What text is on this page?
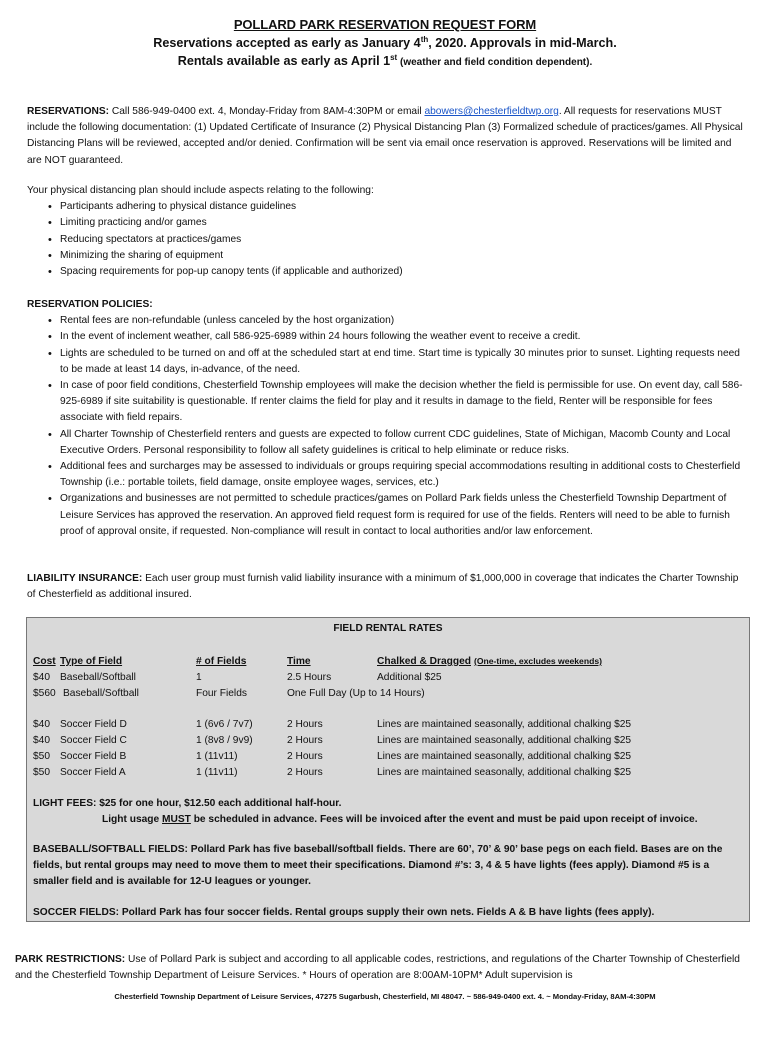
POLLARD PARK RESERVATION REQUEST FORM
Reservations accepted as early as January 4th, 2020. Approvals in mid-March.
Rentals available as early as April 1st (weather and field condition dependent).
RESERVATIONS: Call 586-949-0400 ext. 4, Monday-Friday from 8AM-4:30PM or email abowers@chesterfieldtwp.org. All requests for reservations MUST include the following documentation: (1) Updated Certificate of Insurance (2) Physical Distancing Plan (3) Formalized schedule of practices/games. All Physical Distancing Plans will be reviewed, accepted and/or denied. Confirmation will be sent via email once reservation is approved. Reservations will be limited and are NOT guaranteed.
Your physical distancing plan should include aspects relating to the following:
• Participants adhering to physical distance guidelines
• Limiting practicing and/or games
• Reducing spectators at practices/games
• Minimizing the sharing of equipment
• Spacing requirements for pop-up canopy tents (if applicable and authorized)
RESERVATION POLICIES:
• Rental fees are non-refundable (unless canceled by the host organization)
• In the event of inclement weather, call 586-925-6989 within 24 hours following the weather event to receive a credit.
• Lights are scheduled to be turned on and off at the scheduled start at end time. Start time is typically 30 minutes prior to sunset. Lighting requests need to be made at least 14 days, in-advance, of the need.
• In case of poor field conditions, Chesterfield Township employees will make the decision whether the field is permissible for use. On event day, call 586-925-6989 if site suitability is questionable. If renter claims the field for play and it results in damage to the field, Renter will be responsible for fees associate with field repairs.
• All Charter Township of Chesterfield renters and guests are expected to follow current CDC guidelines, State of Michigan, Macomb County and Local Executive Orders. Personal responsibility to follow all safety guidelines is critical to help eliminate or reduce risks.
• Additional fees and surcharges may be assessed to individuals or groups requiring special accommodations resulting in additional costs to Chesterfield Township (i.e.: portable toilets, field damage, onsite employee wages, services, etc.)
• Organizations and businesses are not permitted to schedule practices/games on Pollard Park fields unless the Chesterfield Township Department of Leisure Services has approved the reservation. An approved field request form is required for use of the fields. Renters will need to be able to furnish proof of approval onsite, if requested. Non-compliance will result in contact to local authorities and/or law enforcement.
LIABILITY INSURANCE: Each user group must furnish valid liability insurance with a minimum of $1,000,000 in coverage that indicates the Charter Township of Chesterfield as additional insured.
FIELD RENTAL RATES
Cost Type of Field	# of Fields	Time	Chalked & Dragged (One-time, excludes weekends)
$40 Baseball/Softball	1	2.5 Hours	Additional $25
$560 Baseball/Softball	Four Fields	One Full Day (Up to 14 Hours)
$40 Soccer Field D	1 (6v6 / 7v7)	2 Hours	Lines are maintained seasonally, additional chalking $25
$40 Soccer Field C	1 (8v8 / 9v9)	2 Hours	Lines are maintained seasonally, additional chalking $25
$50 Soccer Field B	1 (11v11)	2 Hours	Lines are maintained seasonally, additional chalking $25
$50 Soccer Field A	1 (11v11)	2 Hours	Lines are maintained seasonally, additional chalking $25
LIGHT FEES: $25 for one hour, $12.50 each additional half-hour.
Light usage MUST be scheduled in advance. Fees will be invoiced after the event and must be paid upon receipt of invoice.
BASEBALL/SOFTBALL FIELDS: Pollard Park has five baseball/softball fields. There are 60’, 70’ & 90’ base pegs on each field. Bases are on the fields, but rental groups may need to move them to meet their specifications. Diamond #’s: 3, 4 & 5 have lights (fees apply). Diamond #5 is a smaller field and is available for 12-U leagues or younger.
SOCCER FIELDS: Pollard Park has four soccer fields. Rental groups supply their own nets. Fields A & B have lights (fees apply).
PARK RESTRICTIONS: Use of Pollard Park is subject and according to all applicable codes, restrictions, and regulations of the Charter Township of Chesterfield and the Chesterfield Township Department of Leisure Services. * Hours of operation are 8:00AM-10PM* Adult supervision is
Chesterfield Township Department of Leisure Services, 47275 Sugarbush, Chesterfield, MI 48047. ~ 586-949-0400 ext. 4. ~ Monday-Friday, 8AM-4:30PM
